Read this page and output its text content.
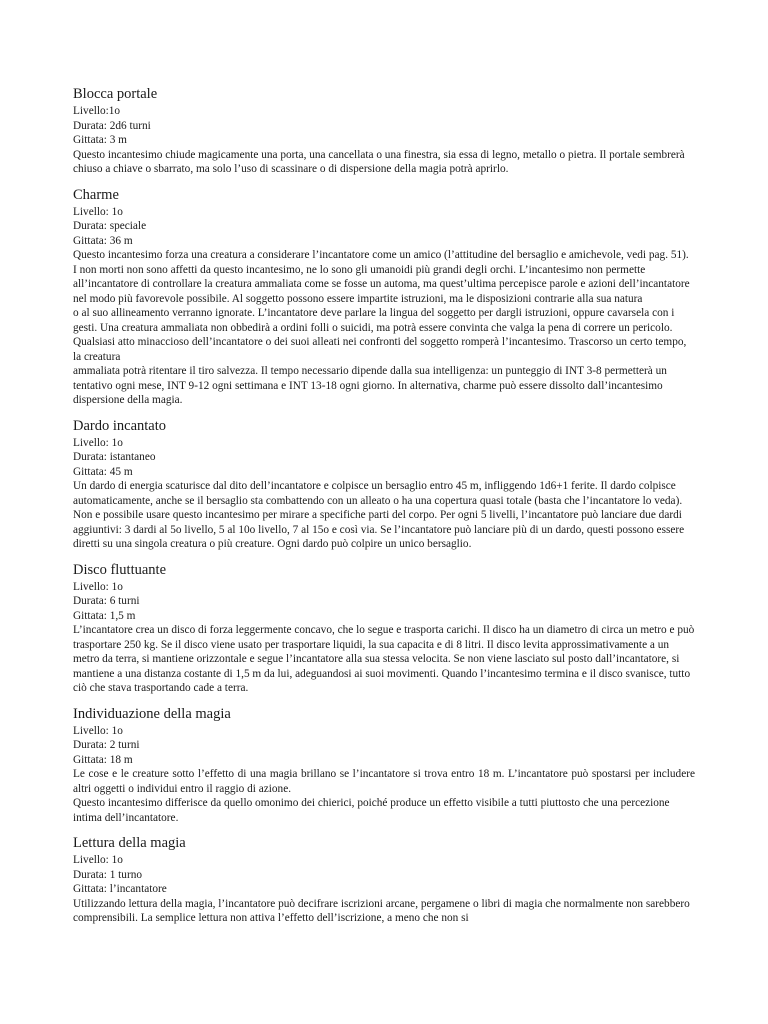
Blocca portale
Livello:1o
Durata: 2d6 turni
Gittata: 3 m

Questo incantesimo chiude magicamente una porta, una cancellata o una finestra, sia essa di legno, metallo o pietra. Il portale sembrerà chiuso a chiave o sbarrato, ma solo l’uso di scassinare o di dispersione della magia potrà aprirlo.

Charme
Livello: 1o
Durata: speciale
Gittata: 36 m

Questo incantesimo forza una creatura a considerare l’incantatore come un amico (l’attitudine del bersaglio e amichevole, vedi pag. 51). I non morti non sono affetti da questo incantesimo, ne lo sono gli umanoidi più grandi degli orchi. L’incantesimo non permette all’incantatore di controllare la creatura ammaliata come se fosse un automa, ma quest’ultima percepisce parole e azioni dell’incantatore nel modo più favorevole possibile. Al soggetto possono essere impartite istruzioni, ma le disposizioni contrarie alla sua natura

o al suo allineamento verranno ignorate. L’incantatore deve parlare la lingua del soggetto per dargli istruzioni, oppure cavarsela con i gesti. Una creatura ammaliata non obbedirà a ordini folli o suicidi, ma potrà essere convinta che valga la pena di correre un pericolo. Qualsiasi atto minaccioso dell’incantatore o dei suoi alleati nei confronti del soggetto romperà l’incantesimo. Trascorso un certo tempo, la creatura

ammaliata potrà ritentare il tiro salvezza. Il tempo necessario dipende dalla sua intelligenza: un punteggio di INT 3-8 permetterà un tentativo ogni mese, INT 9-12 ogni settimana e INT 13-18 ogni giorno. In alternativa, charme può essere dissolto dall’incantesimo dispersione della magia.

Dardo incantato
Livello: 1o
Durata: istantaneo
Gittata: 45 m

Un dardo di energia scaturisce dal dito dell’incantatore e colpisce un bersaglio entro 45 m, infliggendo 1d6+1 ferite. Il dardo colpisce automaticamente, anche se il bersaglio sta combattendo con un alleato o ha una copertura quasi totale (basta che l’incantatore lo veda). Non e possibile usare questo incantesimo per mirare a specifiche parti del corpo. Per ogni 5 livelli, l’incantatore può lanciare due dardi aggiuntivi: 3 dardi al 5o livello, 5 al 10o livello, 7 al 15o e così via. Se l’incantatore può lanciare più di un dardo, questi possono essere diretti su una singola creatura o più creature. Ogni dardo può colpire un unico bersaglio.

Disco fluttuante
Livello: 1o
Durata: 6 turni
Gittata: 1,5 m

L’incantatore crea un disco di forza leggermente concavo, che lo segue e trasporta carichi. Il disco ha un diametro di circa un metro e può trasportare 250 kg. Se il disco viene usato per trasportare liquidi, la sua capacita e di 8 litri. Il disco levita approssimativamente a un metro da terra, si mantiene orizzontale e segue l’incantatore alla sua stessa velocita. Se non viene lasciato sul posto dall’incantatore, si mantiene a una distanza costante di 1,5 m da lui, adeguandosi ai suoi movimenti. Quando l’incantesimo termina e il disco svanisce, tutto ciò che stava trasportando cade a terra.

Individuazione della magia
Livello: 1o
Durata: 2 turni
Gittata: 18 m

Le cose e le creature sotto l’effetto di una magia brillano se l’incantatore si trova entro 18 m. L’incantatore può spostarsi per includere altri oggetti o individui entro il raggio di azione.

Questo incantesimo differisce da quello omonimo dei chierici, poiché produce un effetto visibile a tutti piuttosto che una percezione intima dell’incantatore.

Lettura della magia
Livello: 1o
Durata: 1 turno
Gittata: l’incantatore

Utilizzando lettura della magia, l’incantatore può decifrare iscrizioni arcane, pergamene o libri di magia che normalmente non sarebbero comprensibili. La semplice lettura non attiva l’effetto dell’iscrizione, a meno che non si
